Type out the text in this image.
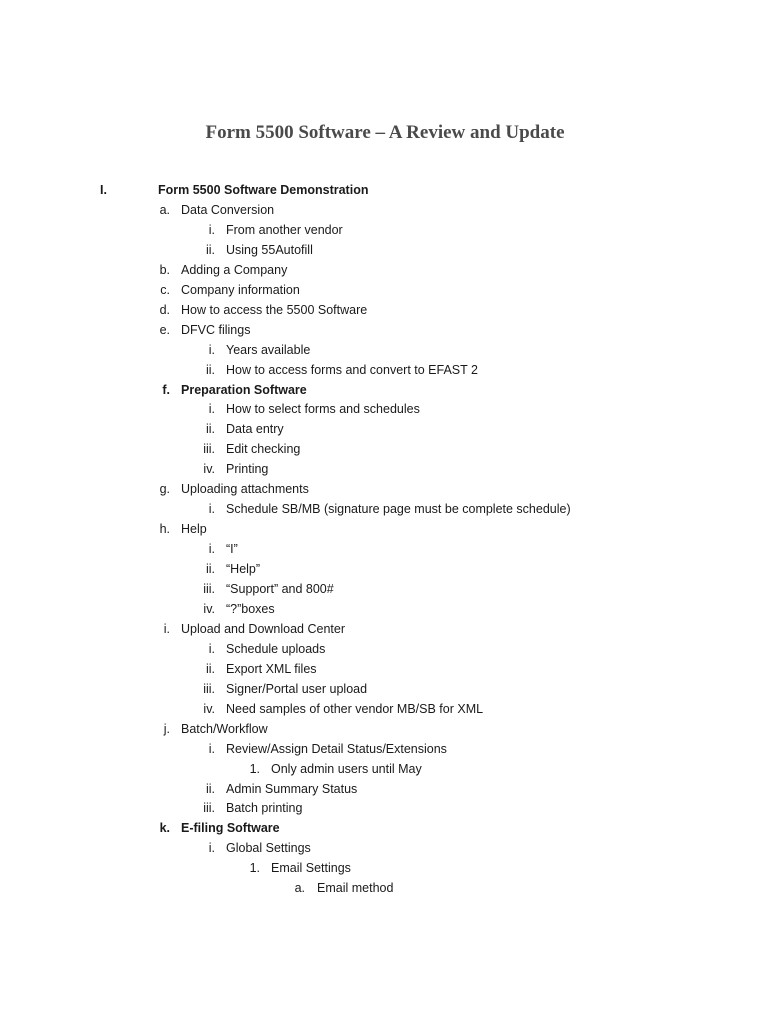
Form 5500 Software – A Review and Update
I.	Form 5500 Software Demonstration
a. Data Conversion
i. From another vendor
ii. Using 55Autofill
b. Adding a Company
c. Company information
d. How to access the 5500 Software
e. DFVC filings
i. Years available
ii. How to access forms and convert to EFAST 2
f. Preparation Software
i. How to select forms and schedules
ii. Data entry
iii. Edit checking
iv. Printing
g. Uploading attachments
i. Schedule SB/MB (signature page must be complete schedule)
h. Help
i. “I”
ii. “Help”
iii. “Support” and 800#
iv. “?”boxes
i. Upload and Download Center
i. Schedule uploads
ii. Export XML files
iii. Signer/Portal user upload
iv. Need samples of other vendor MB/SB for XML
j. Batch/Workflow
i. Review/Assign Detail Status/Extensions
1. Only admin users until May
ii. Admin Summary Status
iii. Batch printing
k. E-filing Software
i. Global Settings
1. Email Settings
a. Email method
